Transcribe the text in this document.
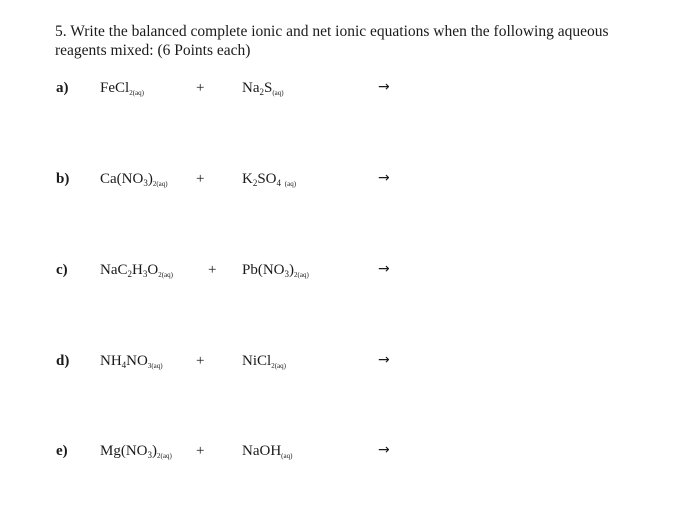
5. Write the balanced complete ionic and net ionic equations when the following aqueous
reagents mixed: (6 Points each)
a) FeCl$_{2(aq)}$	+	$Na_2S_{(aq)}$	→
b) $Ca(NO_3)_{2(aq)}$ +	$K_2SO_4$ $_{(aq)}$	→
c) $NaC_2H_3O_{2(aq)} + Pb(NO_3)_{2(aq)}$	→
d) $NH_4NO_{3(aq)}$ +	NiCl$_{2(aq)}$	→
e) $Mg(NO_3)_{2(aq)}$ +	NaOH$_{(aq)}$	→
